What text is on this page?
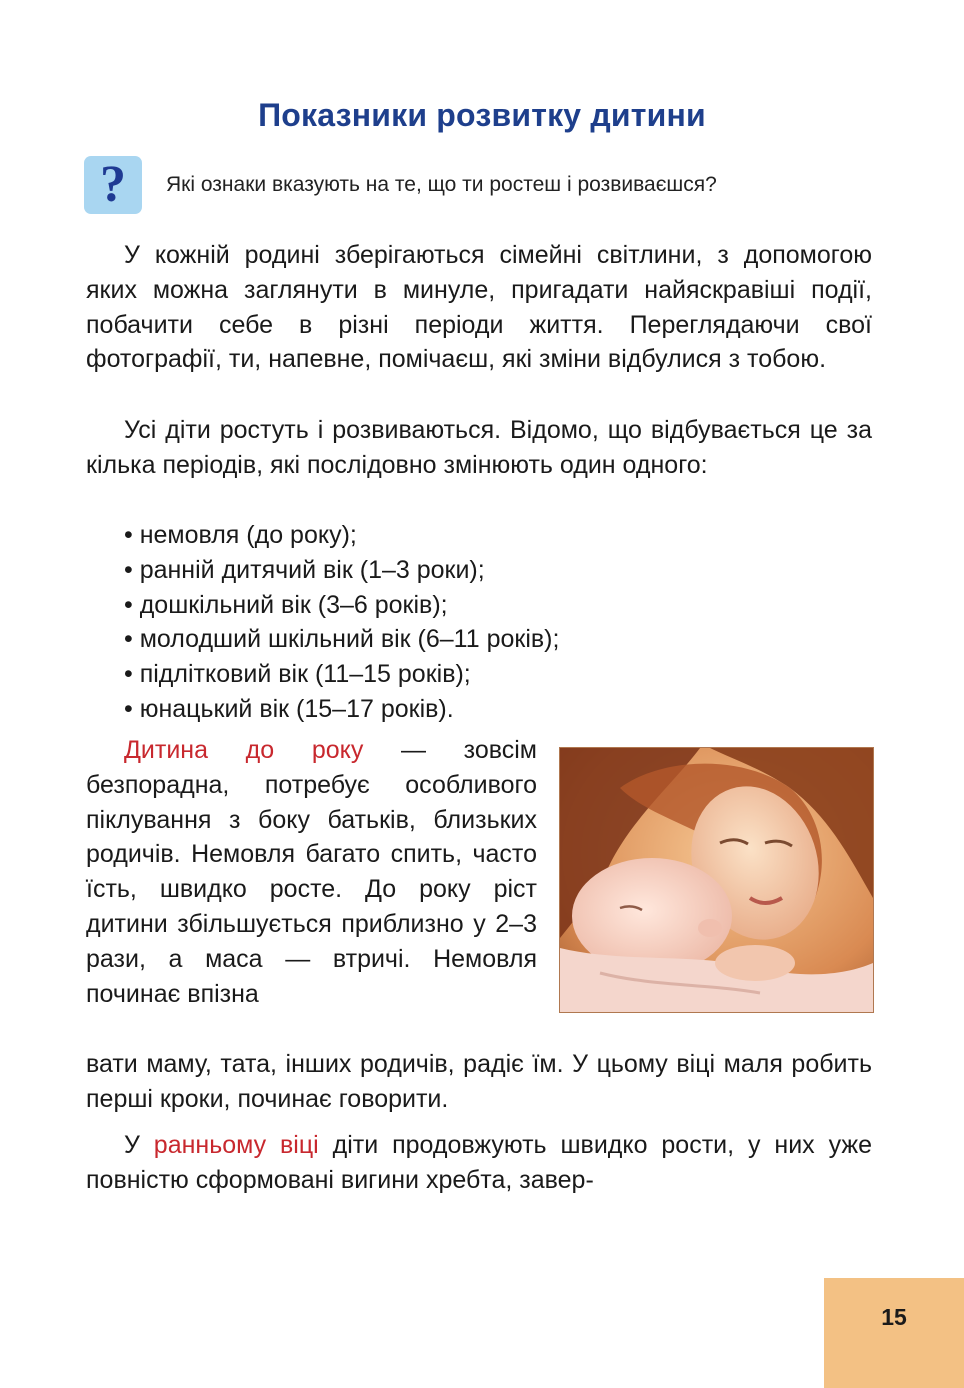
Показники розвитку дитини
?	Які ознаки вказують на те, що ти ростеш і розвиваєшся?

У кожній родині зберігаються сімейні світлини, з допомогою яких можна заглянути в минуле, пригадати найяскравіші події, побачити себе в різні періоди життя. Переглядаючи свої фотографії, ти, напевне, помічаєш, які зміни відбулися з тобою.

Усі діти ростуть і розвиваються. Відомо, що відбувається це за кілька періодів, які послідовно змінюють один одного:

• немовля (до року);
• ранній дитячий вік (1–3 роки);
• дошкільний вік (3–6 років);
• молодший шкільний вік (6–11 років);
• підлітковий вік (11–15 років);
• юнацький вік (15–17 років).

Дитина до року — зовсім безпорадна, потребує особливого піклування з боку батьків, близьких родичів. Немовля багато спить, часто їсть, швидко росте. До року ріст дитини збільшується приблизно у 2–3 рази, а маса — втричі. Немовля починає впізна

вати маму, тата, інших родичів, радіє їм. У цьому віці маля робить перші кроки, починає говорити.

У ранньому віці діти продовжують швидко рости, у них уже повністю сформовані вигини хребта, завер-

15
